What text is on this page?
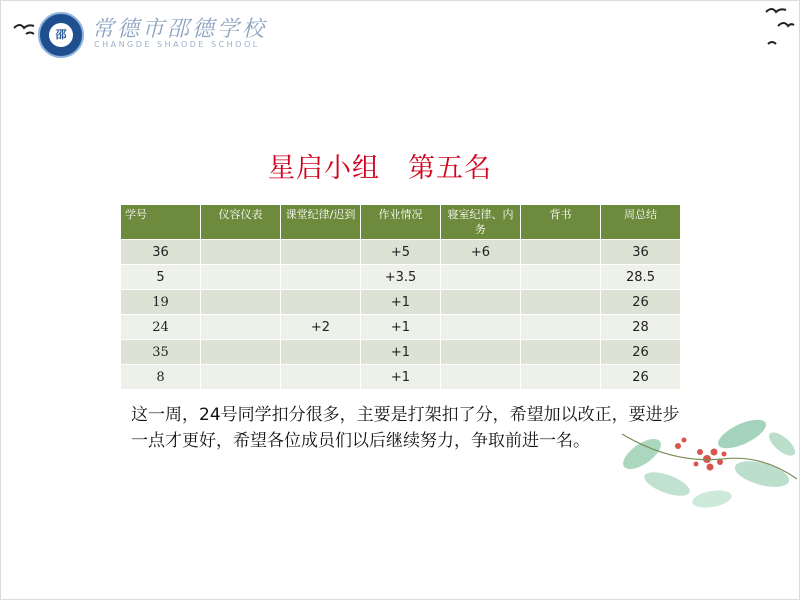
邵 常德市邵德学校
CHANGDE SHAODE SCHOOL
星启小组　第五名
学号	仪容仪表	课堂纪律/迟到	作业情况	寝室纪律、内务	背书	周总结
36			+5	+6		36
5			+3.5			28.5
19			+1			26
24		+2	+1			28
35			+1			26
8			+1			26
这一周，24号同学扣分很多，主要是打架扣了分，希望加以改正，要进步一点才更好，希望各位成员们以后继续努力，争取前进一名。
